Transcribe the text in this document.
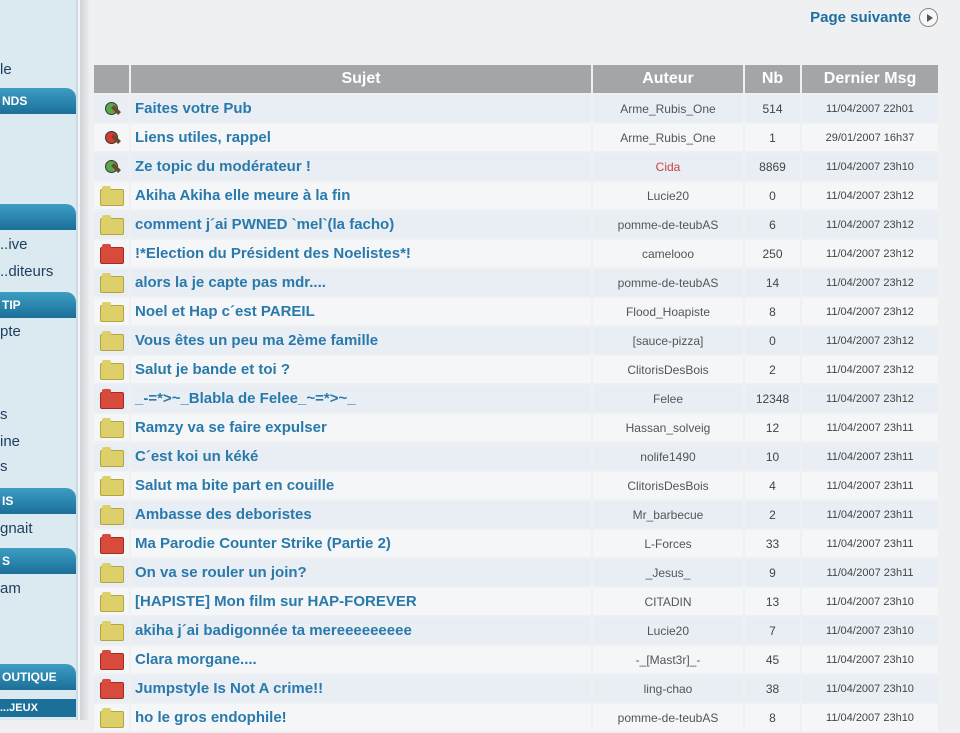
le
NDS
..ive
..diteurs
TIP
pte
s
ine
s
IS
gnait
S
am
OUTIQUE
...JEUX
Page suivante
	Sujet	Auteur	Nb	Dernier Msg
	Faites votre Pub	Arme_Rubis_One	514	11/04/2007 22h01
	Liens utiles, rappel	Arme_Rubis_One	1	29/01/2007 16h37
	Ze topic du modérateur !	Cida	8869	11/04/2007 23h10
	Akiha Akiha elle meure à la fin	Lucie20	0	11/04/2007 23h12
	comment j´ai PWNED `mel`(la facho)	pomme-de-teubAS	6	11/04/2007 23h12
	!*Election du Président des Noelistes*!	camelooo	250	11/04/2007 23h12
	alors la je capte pas mdr....	pomme-de-teubAS	14	11/04/2007 23h12
	Noel et Hap c´est PAREIL	Flood_Hoapiste	8	11/04/2007 23h12
	Vous êtes un peu ma 2ème famille	[sauce-pizza]	0	11/04/2007 23h12
	Salut je bande et toi ?	ClitorisDesBois	2	11/04/2007 23h12
	_-=*>~_Blabla de Felee_~=*>~_	Felee	12348	11/04/2007 23h12
	Ramzy va se faire expulser	Hassan_solveig	12	11/04/2007 23h11
	C´est koi un kéké	nolife1490	10	11/04/2007 23h11
	Salut ma bite part en couille	ClitorisDesBois	4	11/04/2007 23h11
	Ambasse des deboristes	Mr_barbecue	2	11/04/2007 23h11
	Ma Parodie Counter Strike (Partie 2)	L-Forces	33	11/04/2007 23h11
	On va se rouler un join?	_Jesus_	9	11/04/2007 23h11
	[HAPISTE] Mon film sur HAP-FOREVER	CITADIN	13	11/04/2007 23h10
	akiha j´ai badigonnée ta mereeeeeeeee	Lucie20	7	11/04/2007 23h10
	Clara morgane....	-_[Mast3r]_-	45	11/04/2007 23h10
	Jumpstyle Is Not A crime!!	ling-chao	38	11/04/2007 23h10
	ho le gros endophile!	pomme-de-teubAS	8	11/04/2007 23h10
